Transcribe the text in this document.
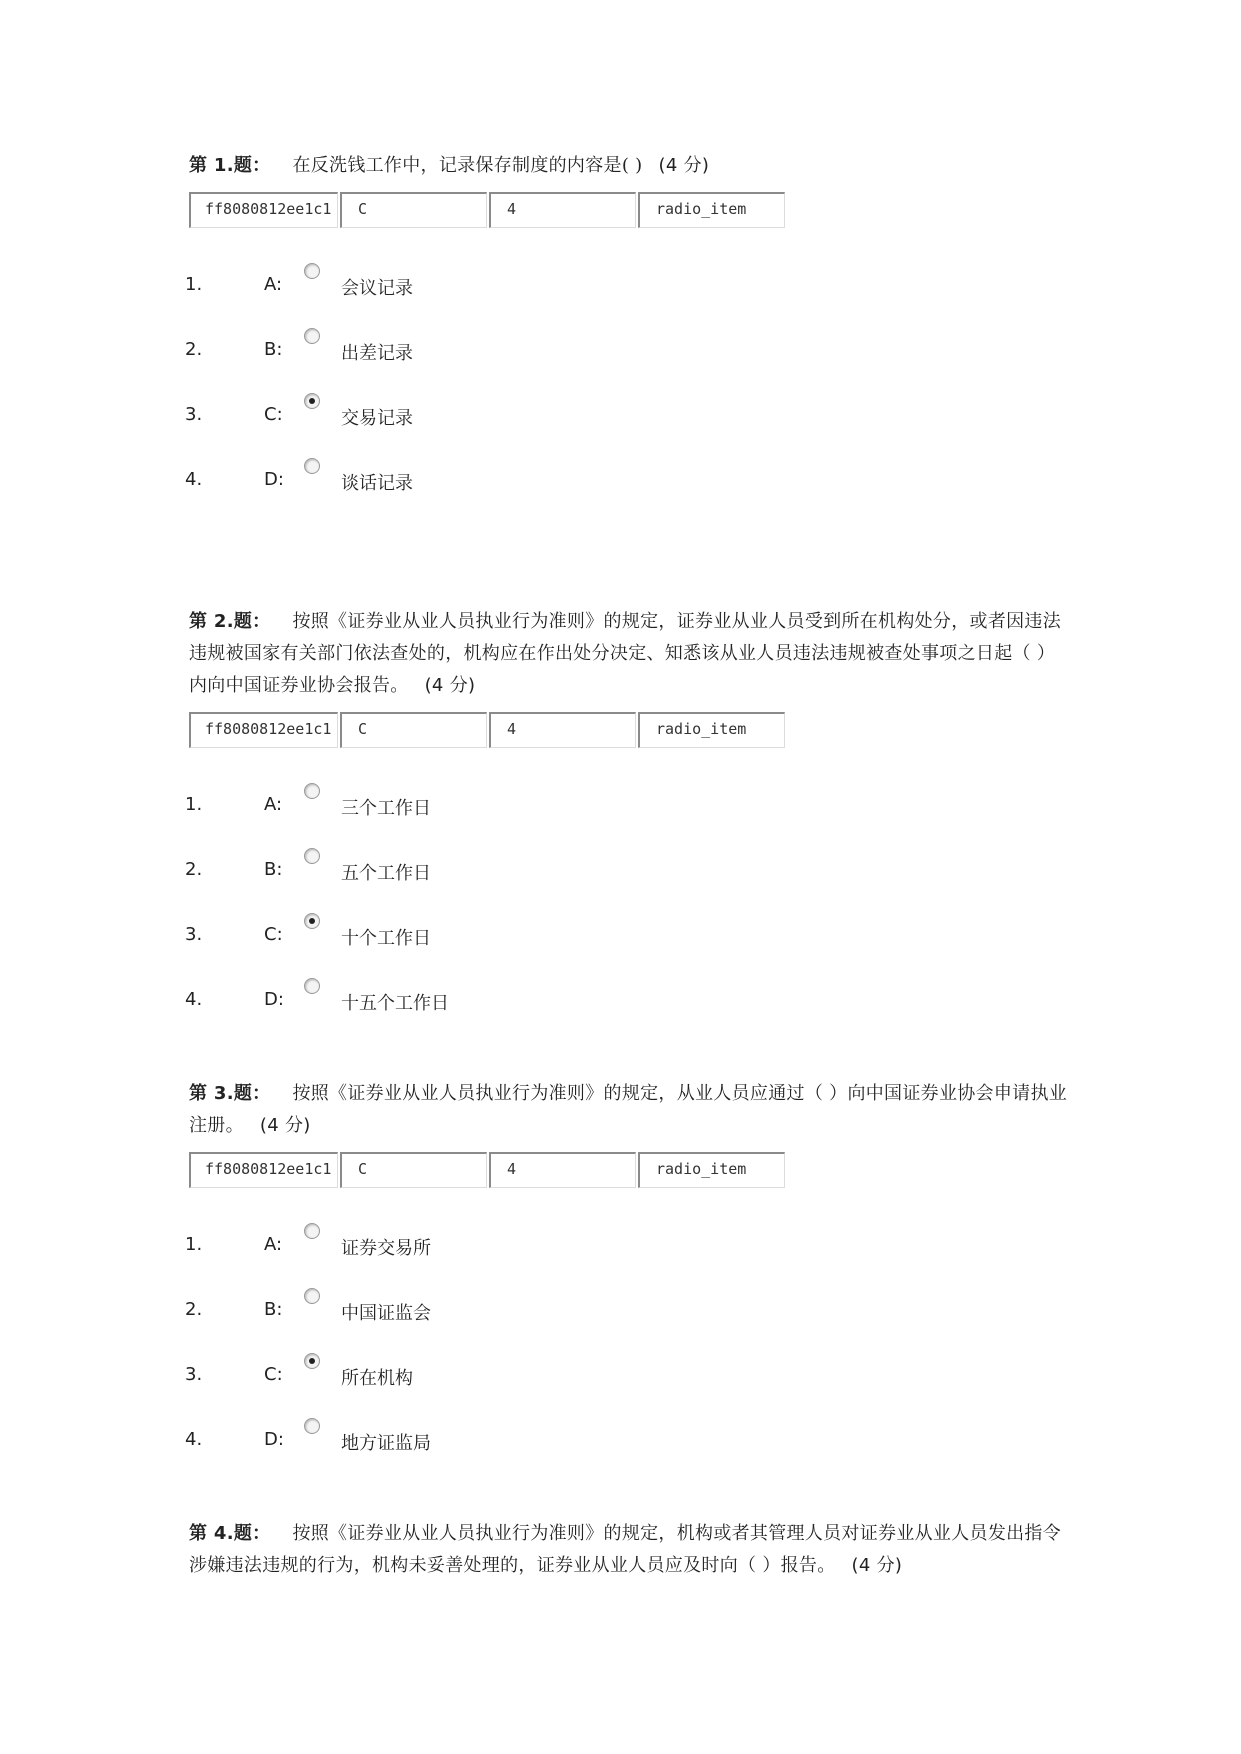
第 1.题： 在反洗钱工作中，记录保存制度的内容是( ) (4 分)
ff8080812ee1c1	C	4	radio_item
1.	A:	会议记录
2.	B:	出差记录
3.	C:	交易记录
4.	D:	谈话记录
第 2.题： 按照《证券业从业人员执业行为准则》的规定，证券业从业人员受到所在机构处分，或者因违法违规被国家有关部门依法查处的，机构应在作出处分决定、知悉该从业人员违法违规被查处事项之日起（ ）内向中国证券业协会报告。 (4 分)
ff8080812ee1c1	C	4	radio_item
1.	A:	三个工作日
2.	B:	五个工作日
3.	C:	十个工作日
4.	D:	十五个工作日
第 3.题： 按照《证券业从业人员执业行为准则》的规定，从业人员应通过（ ）向中国证券业协会申请执业注册。 (4 分)
ff8080812ee1c1	C	4	radio_item
1.	A:	证券交易所
2.	B:	中国证监会
3.	C:	所在机构
4.	D:	地方证监局
第 4.题： 按照《证券业从业人员执业行为准则》的规定，机构或者其管理人员对证券业从业人员发出指令涉嫌违法违规的行为，机构未妥善处理的，证券业从业人员应及时向（ ）报告。 (4 分)
